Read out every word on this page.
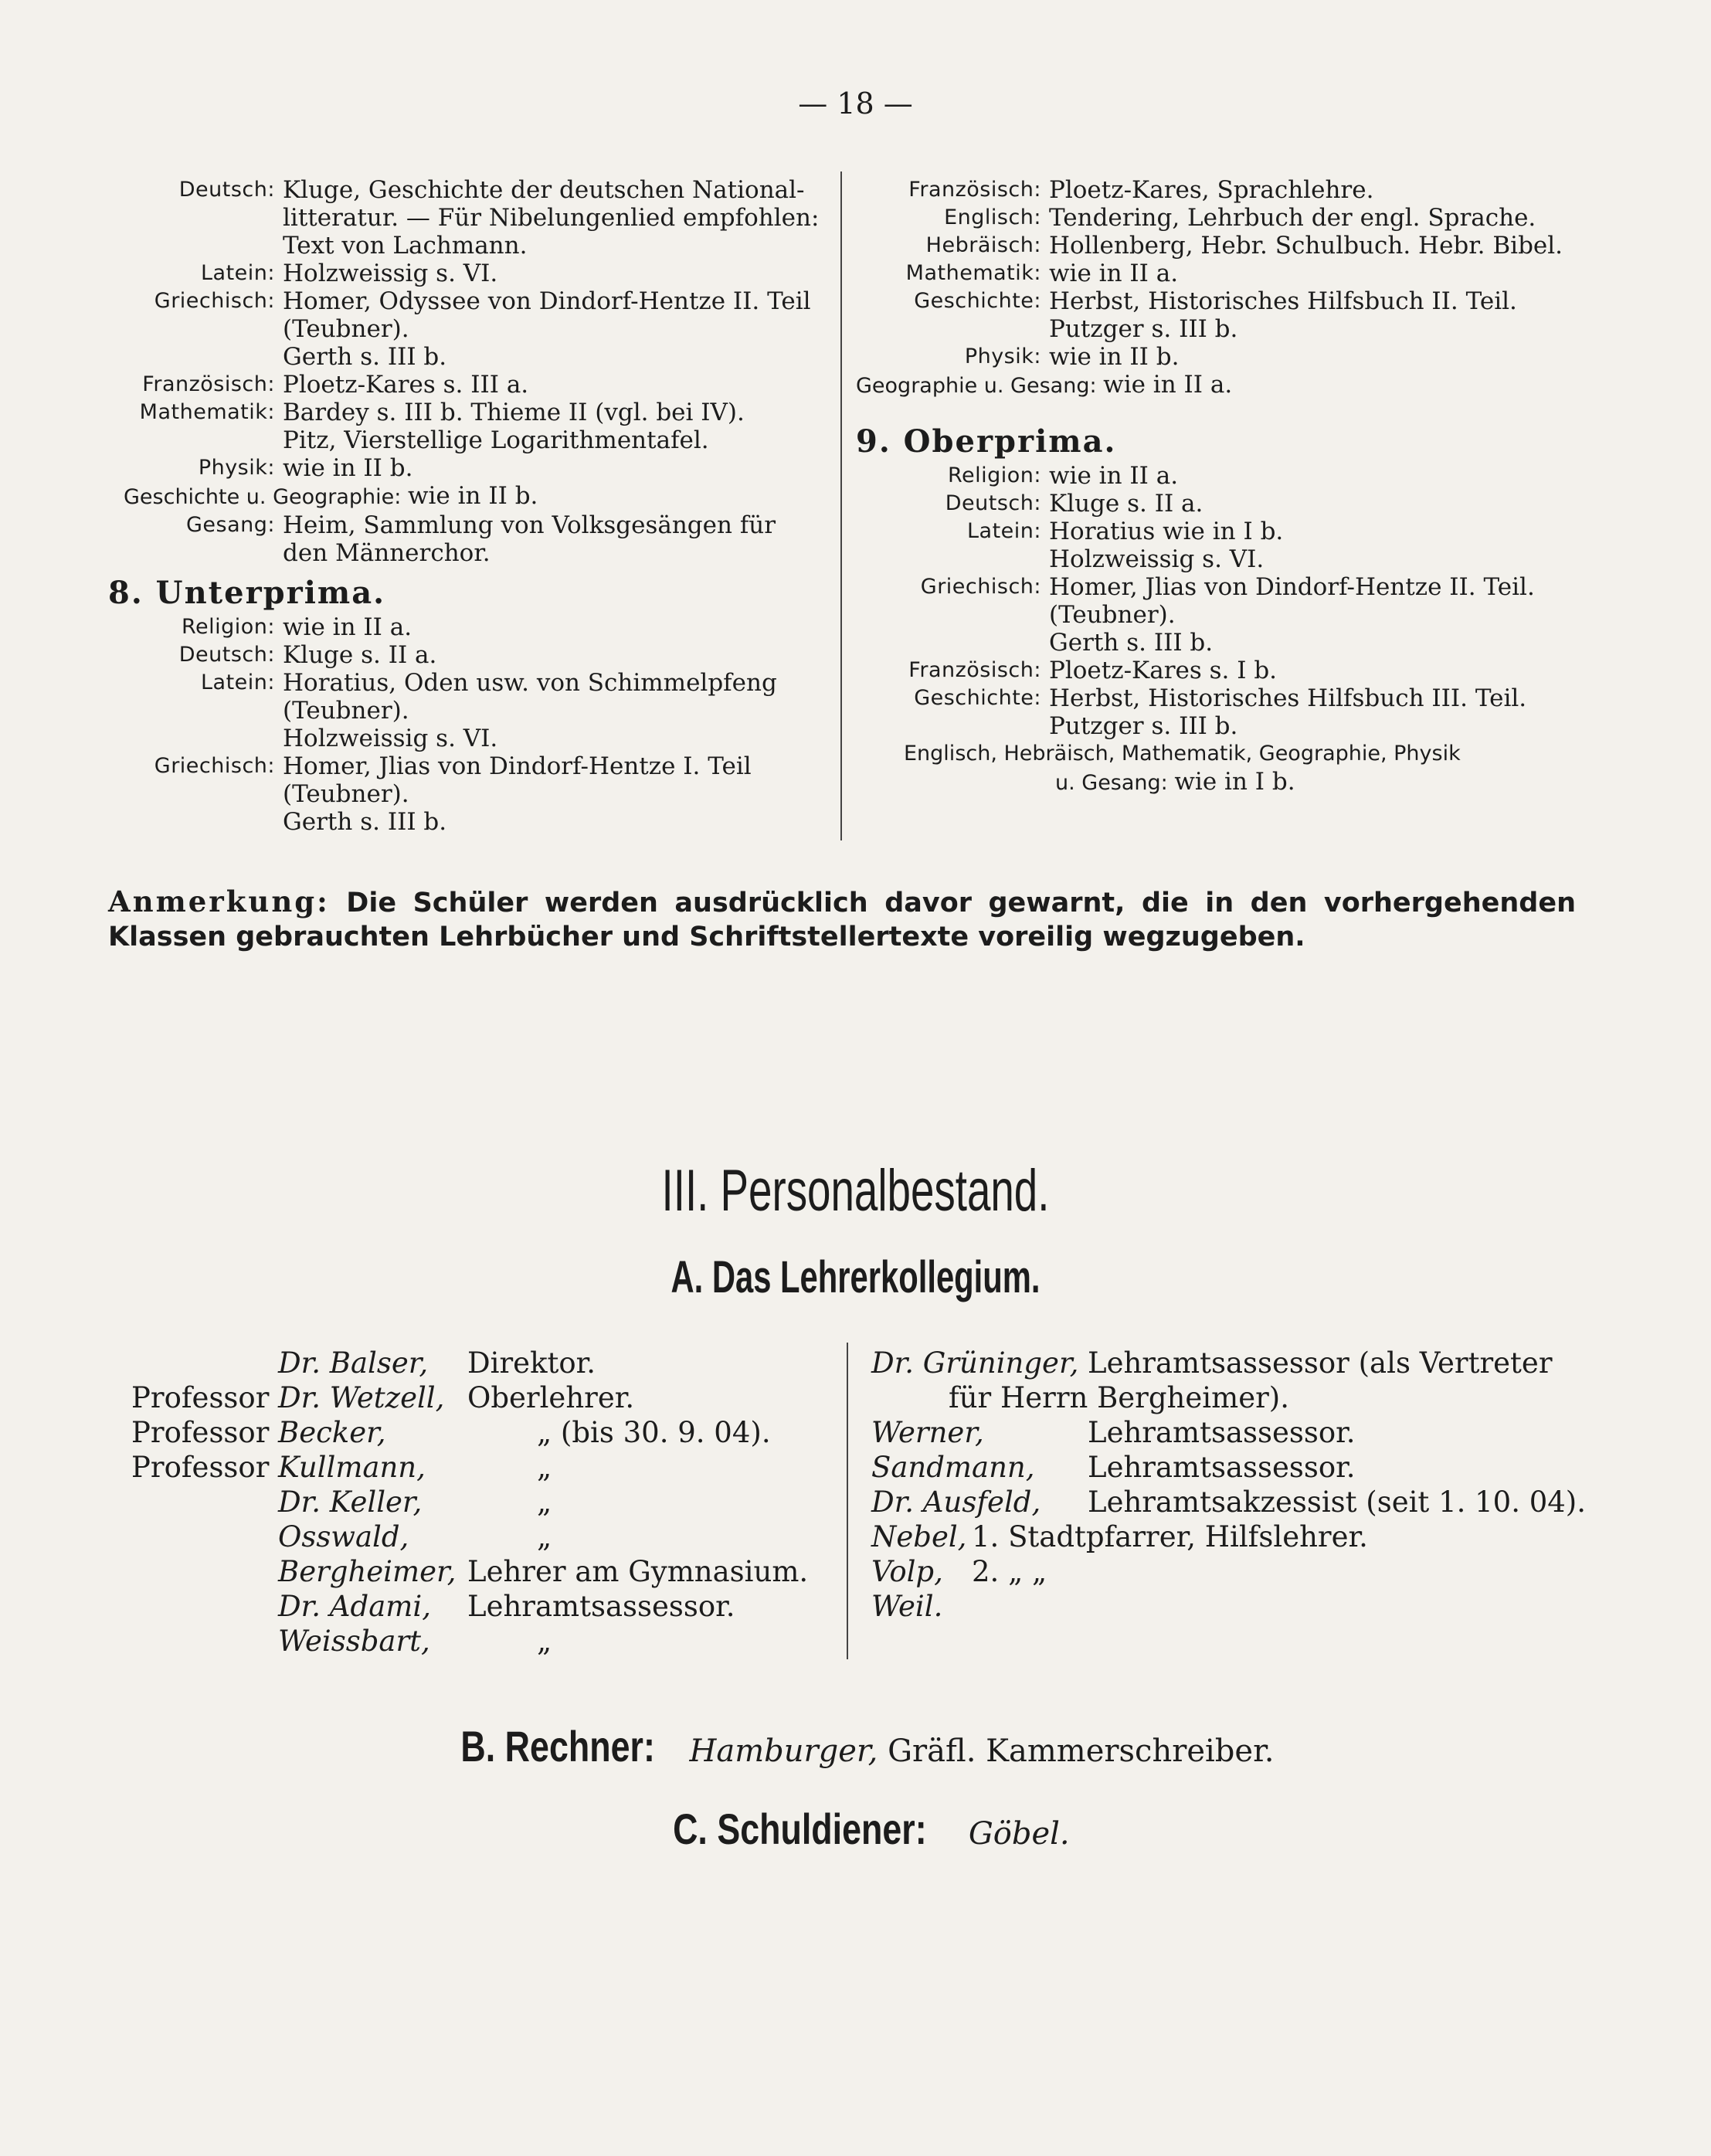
— 18 —
Deutsch: Kluge, Geschichte der deutschen National-
litteratur. — Für Nibelungenlied empfohlen:
Text von Lachmann.
Latein: Holzweissig s. VI.
Griechisch: Homer, Odyssee von Dindorf-Hentze II. Teil
(Teubner).
Gerth s. III b.
Französisch: Ploetz-Kares s. III a.
Mathematik: Bardey s. III b. Thieme II (vgl. bei IV).
Pitz, Vierstellige Logarithmentafel.
Physik: wie in II b.
Geschichte u. Geographie: wie in II b.
Gesang: Heim, Sammlung von Volksgesängen für
den Männerchor.
8. Unterprima.
Religion: wie in II a.
Deutsch: Kluge s. II a.
Latein: Horatius, Oden usw. von Schimmelpfeng
(Teubner).
Holzweissig s. VI.
Griechisch: Homer, Jlias von Dindorf-Hentze I. Teil
(Teubner).
Gerth s. III b.
Französisch: Ploetz-Kares, Sprachlehre.
Englisch: Tendering, Lehrbuch der engl. Sprache.
Hebräisch: Hollenberg, Hebr. Schulbuch. Hebr. Bibel.
Mathematik: wie in II a.
Geschichte: Herbst, Historisches Hilfsbuch II. Teil.
Putzger s. III b.
Physik: wie in II b.
Geographie u. Gesang: wie in II a.
9. Oberprima.
Religion: wie in II a.
Deutsch: Kluge s. II a.
Latein: Horatius wie in I b.
Holzweissig s. VI.
Griechisch: Homer, Jlias von Dindorf-Hentze II. Teil.
(Teubner).
Gerth s. III b.
Französisch: Ploetz-Kares s. I b.
Geschichte: Herbst, Historisches Hilfsbuch III. Teil.
Putzger s. III b.
Englisch, Hebräisch, Mathematik, Geographie, Physik
u. Gesang: wie in I b.
Anmerkung: Die Schüler werden ausdrücklich davor gewarnt, die in den vorhergehenden Klassen gebrauchten Lehrbücher und Schriftstellertexte voreilig wegzugeben.
III. Personalbestand.
A. Das Lehrerkollegium.
Dr. Balser,	Direktor.
Professor Dr. Wetzell, Oberlehrer.
Professor Becker,	„ (bis 30. 9. 04).
Professor Kullmann,	„
Dr. Keller,	„
Osswald,	„
Bergheimer, Lehrer am Gymnasium.
Dr. Adami,	Lehramtsassessor.
Weissbart,	„
Dr. Grüninger, Lehramtsassessor (als Vertreter
für Herrn Bergheimer).
Werner,	Lehramtsassessor.
Sandmann,	Lehramtsassessor.
Dr. Ausfeld,	Lehramtsakzessist (seit 1. 10. 04).
Nebel, 1. Stadtpfarrer, Hilfslehrer.
Volp,	2. „ „
Weil.
B. Rechner: Hamburger, Gräfl. Kammerschreiber.
C. Schuldiener: Göbel.
